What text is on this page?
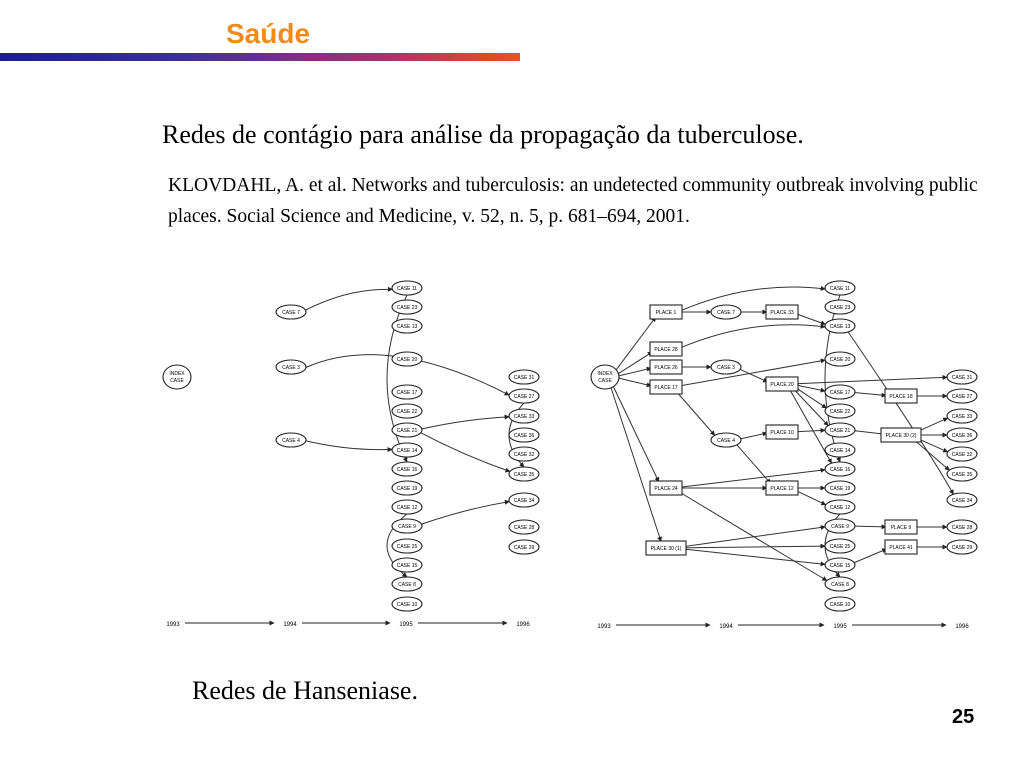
Saúde
Redes de contágio para análise da propagação da tuberculose.
KLOVDAHL, A. et al. Networks and tuberculosis: an undetected community outbreak involving public places. Social Science and Medicine, v. 52, n. 5, p. 681–694, 2001.
INDEX
CASE
CASE 7
CASE 3
CASE 4
CASE 11
CASE 23
CASE 13
CASE 20
CASE 17
CASE 22
CASE 21
CASE 14
CASE 16
CASE 19
CASE 12
CASE 9
CASE 25
CASE 15
CASE 8
CASE 10
CASE 31
CASE 27
CASE 33
CASE 36
CASE 32
CASE 35
CASE 34
CASE 28
CASE 29
INDEX
CASE
PLACE 1
PLACE 28
PLACE 26
PLACE 17
PLACE 24
PLACE 30 (1)
CASE 7
CASE 3
CASE 4
PLACE 33
PLACE 20
PLACE 10
PLACE 12
CASE 11
CASE 23
CASE 13
CASE 20
CASE 17
CASE 22
CASE 21
CASE 14
CASE 16
CASE 19
CASE 12
CASE 9
CASE 25
CASE 15
CASE 8
CASE 10
PLACE 18
PLACE 30 (2)
PLACE 9
PLACE 41
CASE 31
CASE 27
CASE 33
CASE 36
CASE 32
CASE 35
CASE 34
CASE 28
CASE 29
1993	1994	1995	1996	1993	1994	1995	1996
Redes de Hanseniase.
25
